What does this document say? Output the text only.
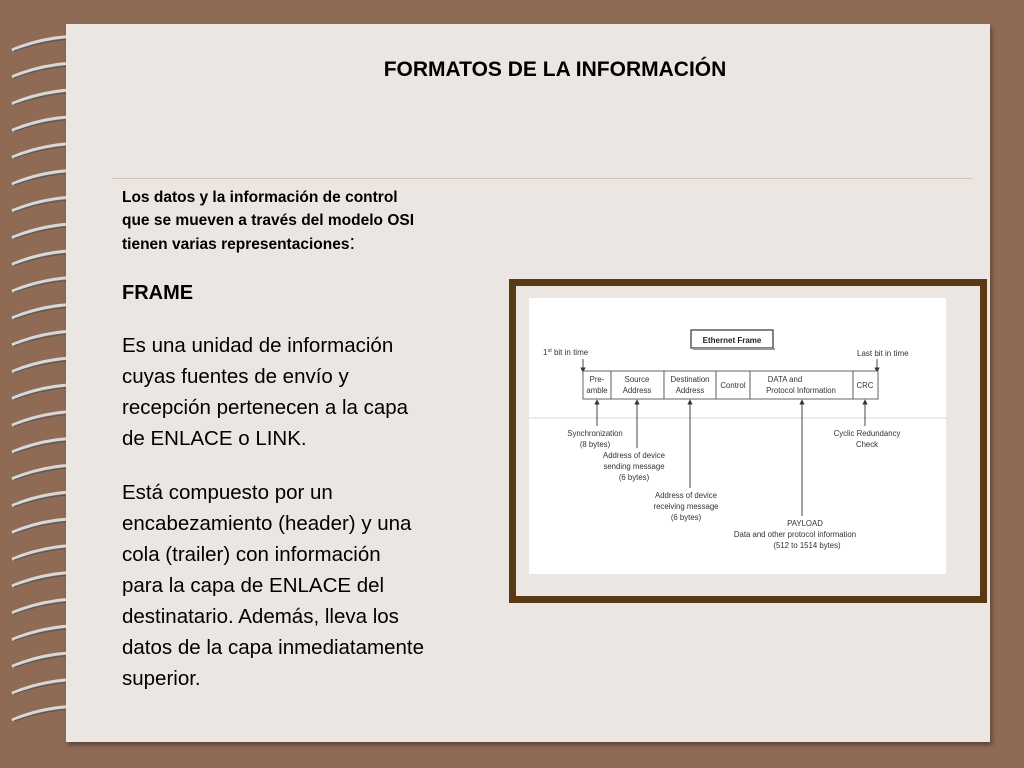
FORMATOS DE LA INFORMACIÓN

Los datos y la información de control
que se mueven a través del modelo OSI
tienen varias representaciones:

FRAME

Es una unidad de información
cuyas fuentes de envío y
recepción pertenecen a la capa
de ENLACE o LINK.

Está compuesto por un
encabezamiento (header) y una
cola (trailer) con información
para la capa de ENLACE del
destinatario. Además, lleva los
datos de la capa inmediatamente
superior.

Ethernet Frame
1st bit in time	Last bit in time
Pre-
amble
Source
Address
Destination
Address
Control
DATA and
Protocol Information
CRC
Synchronization
(8 bytes)
Address of device
sending message
(6 bytes)
Address of device
receiving message
(6 bytes)
PAYLOAD
Data and other protocol information
(512 to 1514 bytes)
Cyclic Redundancy
Check
